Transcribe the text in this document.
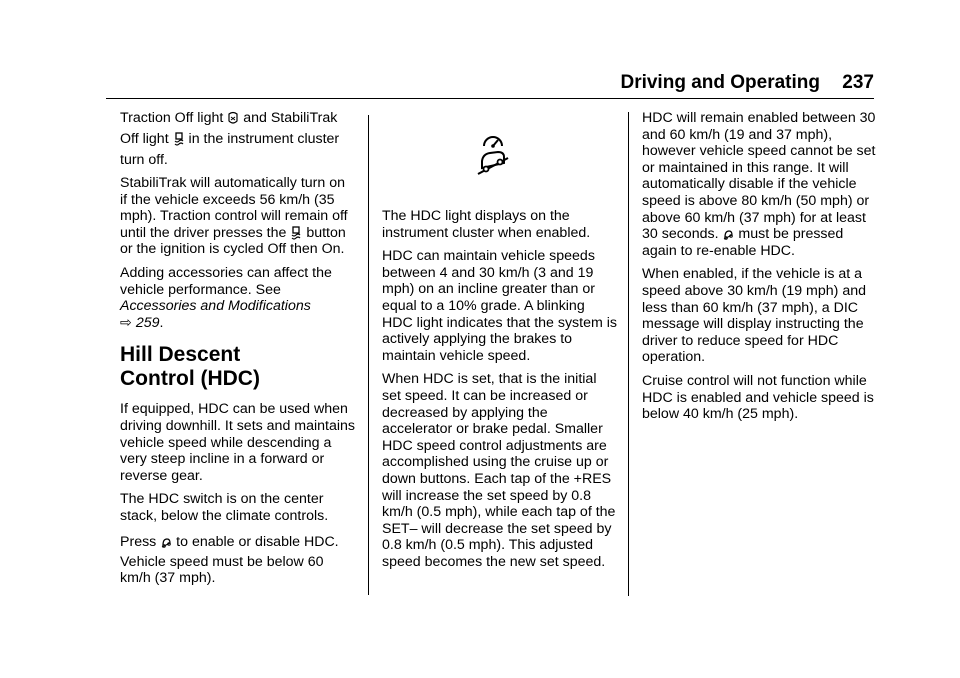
Driving and Operating 237

Traction Off light and StabiliTrak
Off light in the instrument cluster
turn off.

StabiliTrak will automatically turn on if the vehicle exceeds 56 km/h (35 mph). Traction control will remain off until the driver presses the button or the ignition is cycled Off then On.

Adding accessories can affect the vehicle performance. See
Accessories and Modifications
⇨ 259.

Hill Descent
Control (HDC)

If equipped, HDC can be used when driving downhill. It sets and maintains vehicle speed while descending a very steep incline in a forward or reverse gear.

The HDC switch is on the center stack, below the climate controls.

Press to enable or disable HDC.

Vehicle speed must be below 60 km/h (37 mph).

The HDC light displays on the instrument cluster when enabled.

HDC can maintain vehicle speeds between 4 and 30 km/h (3 and 19 mph) on an incline greater than or equal to a 10% grade. A blinking HDC light indicates that the system is actively applying the brakes to maintain vehicle speed.

When HDC is set, that is the initial set speed. It can be increased or decreased by applying the accelerator or brake pedal. Smaller HDC speed control adjustments are accomplished using the cruise up or down buttons. Each tap of the +RES will increase the set speed by 0.8 km/h (0.5 mph), while each tap of the SET– will decrease the set speed by 0.8 km/h (0.5 mph). This adjusted speed becomes the new set speed.

HDC will remain enabled between 30 and 60 km/h (19 and 37 mph), however vehicle speed cannot be set or maintained in this range. It will automatically disable if the vehicle speed is above 80 km/h (50 mph) or above 60 km/h (37 mph) for at least 30 seconds. must be pressed again to re-enable HDC.

When enabled, if the vehicle is at a speed above 30 km/h (19 mph) and less than 60 km/h (37 mph), a DIC message will display instructing the driver to reduce speed for HDC operation.

Cruise control will not function while HDC is enabled and vehicle speed is below 40 km/h (25 mph).
